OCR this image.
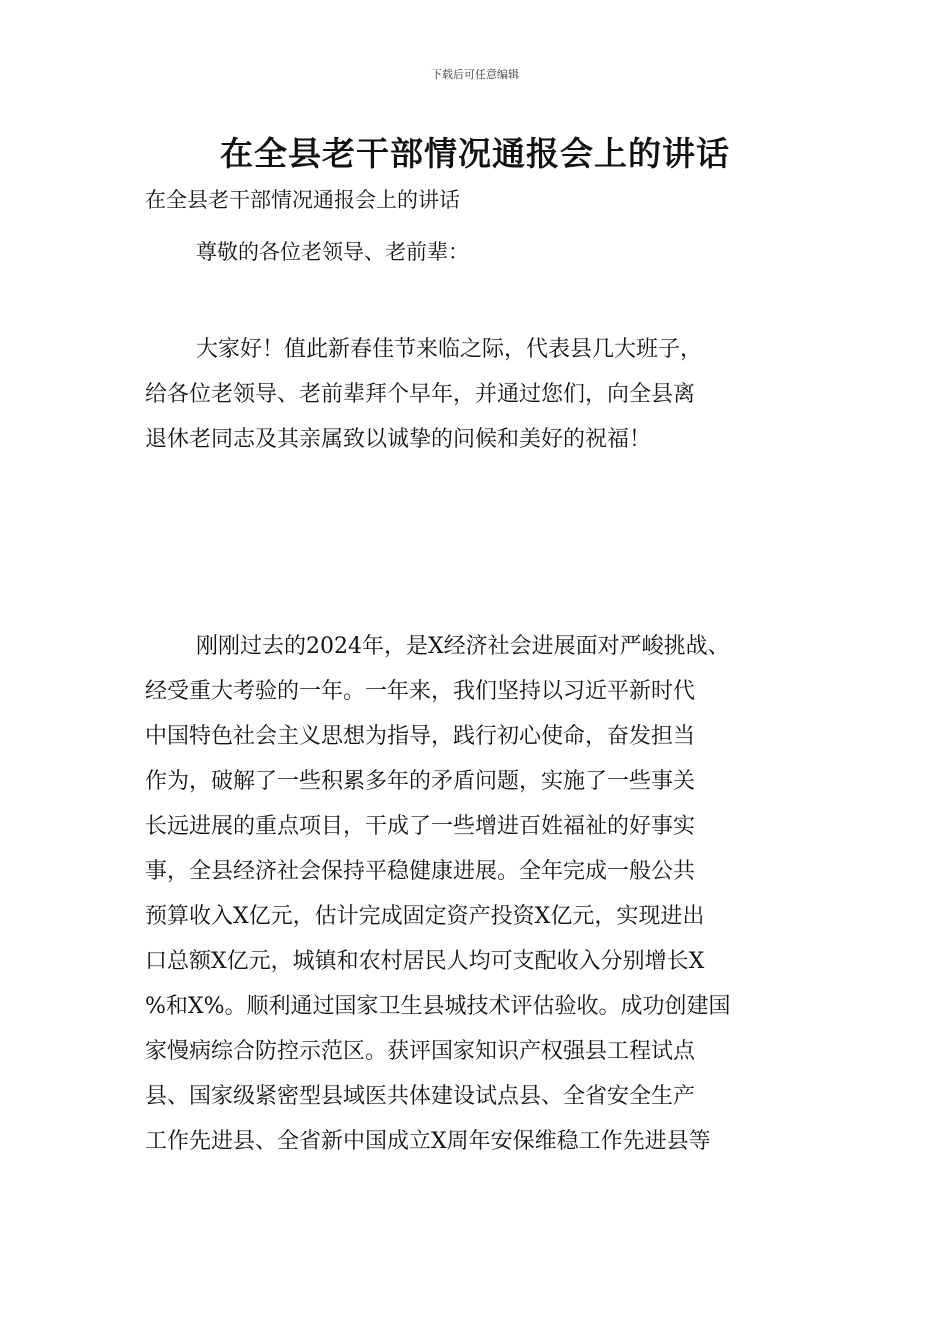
下载后可任意编辑
在全县老干部情况通报会上的讲话

在全县老干部情况通报会上的讲话

尊敬的各位老领导、老前辈：

大家好！值此新春佳节来临之际，代表县几大班子，
给各位老领导、老前辈拜个早年，并通过您们，向全县离
退休老同志及其亲属致以诚挚的问候和美好的祝福！
刚刚过去的2024年，是X经济社会进展面对严峻挑战、
经受重大考验的一年。一年来，我们坚持以习近平新时代
中国特色社会主义思想为指导，践行初心使命，奋发担当
作为，破解了一些积累多年的矛盾问题，实施了一些事关
长远进展的重点项目，干成了一些增进百姓福祉的好事实
事，全县经济社会保持平稳健康进展。全年完成一般公共
预算收入X亿元，估计完成固定资产投资X亿元，实现进出
口总额X亿元，城镇和农村居民人均可支配收入分别增长X
%和X%。顺利通过国家卫生县城技术评估验收。成功创建国
家慢病综合防控示范区。获评国家知识产权强县工程试点
县、国家级紧密型县域医共体建设试点县、全省安全生产
工作先进县、全省新中国成立X周年安保维稳工作先进县等
